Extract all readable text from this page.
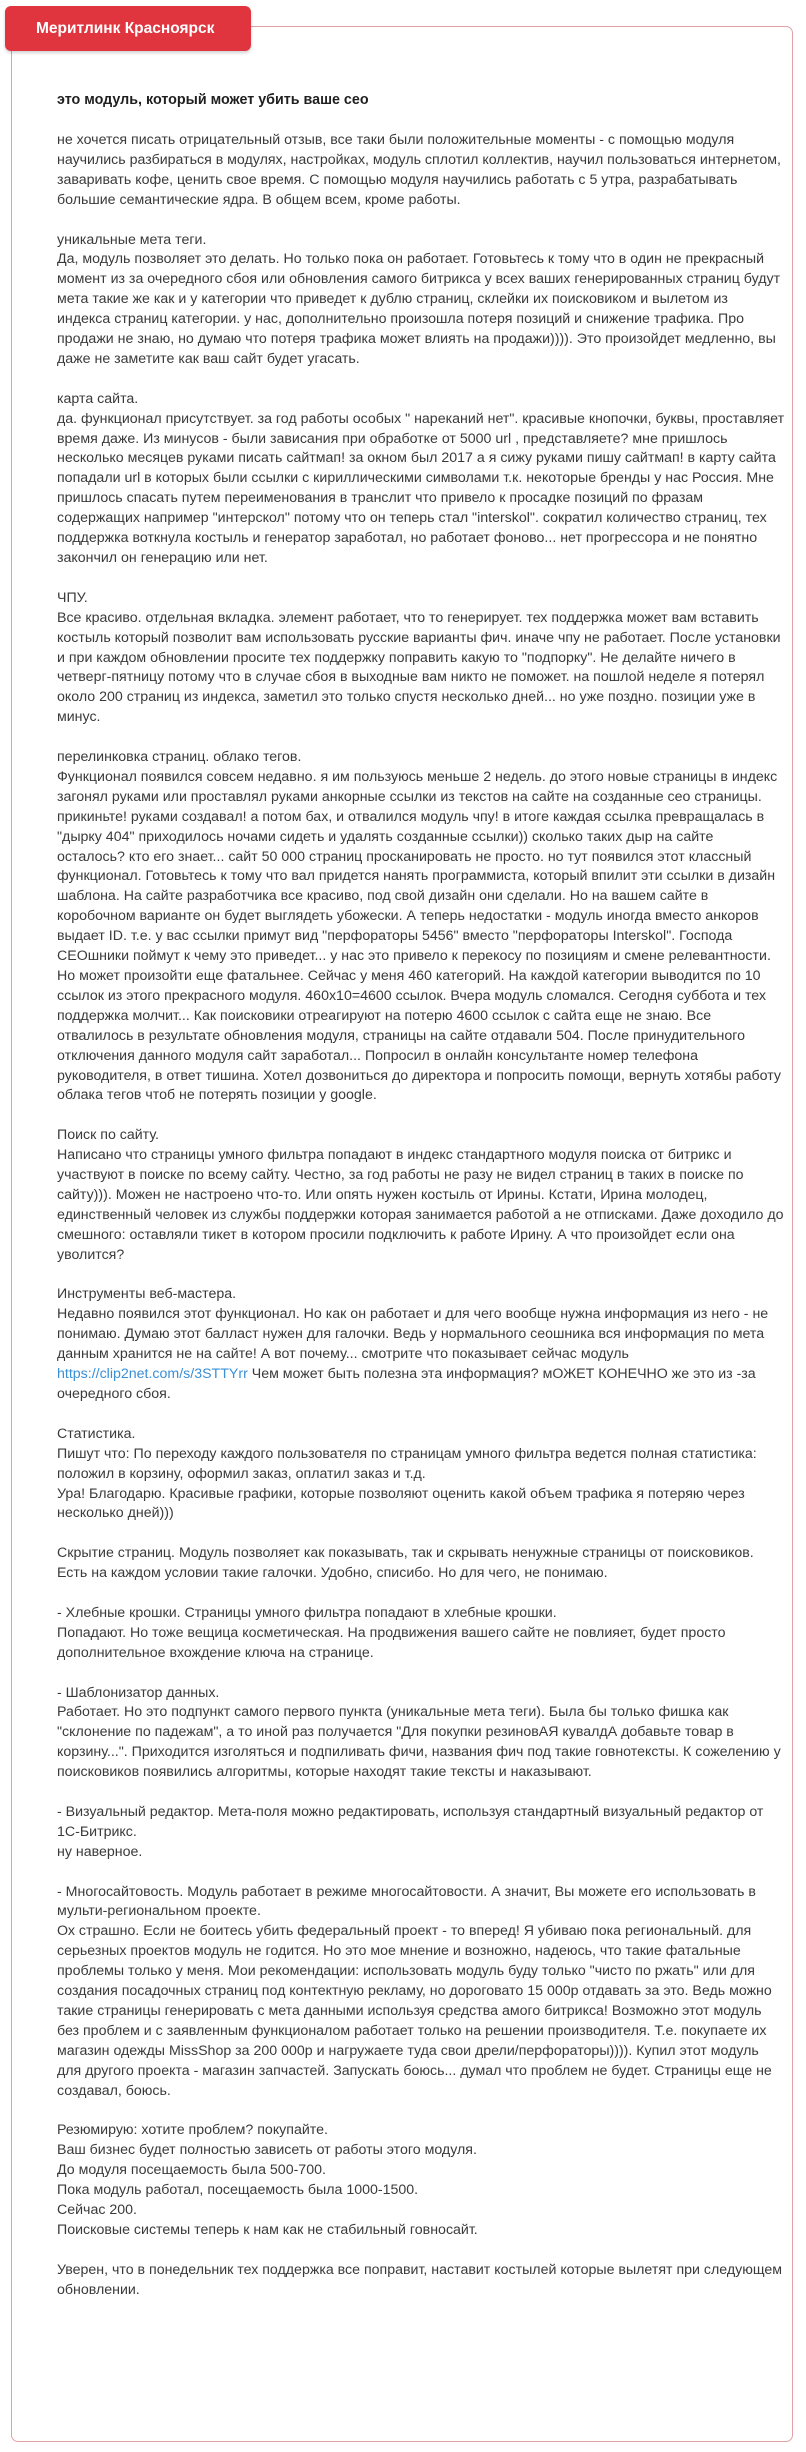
это модуль, который может убить ваше сео

не хочется писать отрицательный отзыв, все таки были положительные моменты - с помощью модуля научились разбираться в модулях, настройках, модуль сплотил коллектив, научил пользоваться интернетом, заваривать кофе, ценить свое время. С помощью модуля научились работать с 5 утра, разрабатывать большие семантические ядра. В общем всем, кроме работы.

уникальные мета теги.
Да, модуль позволяет это делать. Но только пока он работает. Готовьтесь к тому что в один не прекрасный момент из за очередного сбоя или обновления самого битрикса у всех ваших генерированных страниц будут мета такие же как и у категории что приведет к дублю страниц, склейки их поисковиком и вылетом из индекса страниц категории. у нас, дополнительно произошла потеря позиций и снижение трафика. Про продажи не знаю, но думаю что потеря трафика может влиять на продажи)))). Это произойдет медленно, вы даже не заметите как ваш сайт будет угасать.

карта сайта.
да. функционал присутствует. за год работы особых " нареканий нет". красивые кнопочки, буквы, проставляет время даже. Из минусов - были зависания при обработке от 5000 url , представляете? мне пришлось несколько месяцев руками писать сайтмап! за окном был 2017 а я сижу руками пишу сайтмап! в карту сайта попадали url в которых были ссылки с кириллическими символами т.к. некоторые бренды у нас Россия. Мне пришлось спасать путем переименования в транслит что привело к просадке позиций по фразам содержащих например "интерскол" потому что он теперь стал "interskol". сократил количество страниц, тех поддержка воткнула костыль и генератор заработал, но работает фоново... нет прогрессора и не понятно закончил он генерацию или нет.

ЧПУ.
Все красиво. отдельная вкладка. элемент работает, что то генерирует. тех поддержка может вам вставить костыль который позволит вам использовать русские варианты фич. иначе чпу не работает. После установки и при каждом обновлении просите тех поддержку поправить какую то "подпорку". Не делайте ничего в четверг-пятницу потому что в случае сбоя в выходные вам никто не поможет. на пошлой неделе я потерял около 200 страниц из индекса, заметил это только спустя несколько дней... но уже поздно. позиции уже в минус.

перелинковка страниц. облако тегов.
Функционал появился совсем недавно. я им пользуюсь меньше 2 недель. до этого новые страницы в индекс загонял руками или проставлял руками анкорные ссылки из текстов на сайте на созданные сео страницы. прикиньте! руками создавал! а потом бах, и отвалился модуль чпу! в итоге каждая ссылка превращалась в "дырку 404" приходилось ночами сидеть и удалять созданные ссылки)) сколько таких дыр на сайте осталось? кто его знает... сайт 50 000 страниц просканировать не просто. но тут появился этот классный функционал. Готовьтесь к тому что вал придется нанять программиста, который впилит эти ссылки в дизайн шаблона. На сайте разработчика все красиво, под свой дизайн они сделали. Но на вашем сайте в коробочном варианте он будет выглядеть убожески. А теперь недостатки - модуль иногда вместо анкоров выдает ID. т.е. у вас ссылки примут вид "перфораторы 5456" вместо "перфораторы Interskol". Господа СЕОшники поймут к чему это приведет... у нас это привело к перекосу по позициям и смене релевантности. Но может произойти еще фатальнее. Сейчас у меня 460 категорий. На каждой категории выводится по 10 ссылок из этого прекрасного модуля. 460х10=4600 ссылок. Вчера модуль сломался. Сегодня суббота и тех поддержка молчит... Как поисковики отреагируют на потерю 4600 ссылок с сайта еще не знаю. Все отвалилось в результате обновления модуля, страницы на сайте отдавали 504. После принудительного отключения данного модуля сайт заработал... Попросил в онлайн консультанте номер телефона руководителя, в ответ тишина. Хотел дозвониться до директора и попросить помощи, вернуть хотябы работу облака тегов чтоб не потерять позиции у google.

Поиск по сайту.
Написано что страницы умного фильтра попадают в индекс стандартного модуля поиска от битрикс и участвуют в поиске по всему сайту. Честно, за год работы не разу не видел страниц в таких в поиске по сайту))). Можен не настроено что-то. Или опять нужен костыль от Ирины. Кстати, Ирина молодец, единственный человек из службы поддержки которая занимается работой а не отписками. Даже доходило до смешного: оставляли тикет в котором просили подключить к работе Ирину. А что произойдет если она уволится?

Инструменты веб-мастера.
Недавно появился этот функционал. Но как он работает и для чего вообще нужна информация из него - не понимаю. Думаю этот балласт нужен для галочки. Ведь у нормального сеошника вся информация по мета данным хранится не на сайте! А вот почему... смотрите что показывает сейчас модуль https://clip2net.com/s/3STTYrr Чем может быть полезна эта информация? мОЖЕТ КОНЕЧНО же это из -за очередного сбоя.

Статистика.
Пишут что: По переходу каждого пользователя по страницам умного фильтра ведется полная статистика: положил в корзину, оформил заказ, оплатил заказ и т.д.
Ура! Благодарю. Красивые графики, которые позволяют оценить какой объем трафика я потеряю через несколько дней)))

Скрытие страниц. Модуль позволяет как показывать, так и скрывать ненужные страницы от поисковиков.
Есть на каждом условии такие галочки. Удобно, списибо. Но для чего, не понимаю.

- Хлебные крошки. Страницы умного фильтра попадают в хлебные крошки.
Попадают. Но тоже вещица косметическая. На продвижения вашего сайте не повлияет, будет просто дополнительное вхождение ключа на странице.

- Шаблонизатор данных.
Работает. Но это подпункт самого первого пункта (уникальные мета теги). Была бы только фишка как "склонение по падежам", а то иной раз получается "Для покупки резиновАЯ кувалдА добавьте товар в корзину...". Приходится изголяться и подпиливать фичи, названия фич под такие говнотексты. К сожелению у поисковиков появились алгоритмы, которые находят такие тексты и наказывают.

- Визуальный редактор. Мета-поля можно редактировать, используя стандартный визуальный редактор от 1С-Битрикс.
ну наверное.

- Многосайтовость. Модуль работает в режиме многосайтовости. А значит, Вы можете его использовать в мульти-региональном проекте.
Ох страшно. Если не боитесь убить федеральный проект - то вперед! Я убиваю пока региональный. для серьезных проектов модуль не годится. Но это мое мнение и возножно, надеюсь, что такие фатальные проблемы только у меня. Мои рекомендации: использовать модуль буду только "чисто по ржать" или для создания посадочных страниц под контектную рекламу, но дороговато 15 000р отдавать за это. Ведь можно такие страницы генерировать с мета данными используя средства амого битрикса! Возможно этот модуль без проблем и с заявленным функционалом работает только на решении производителя. Т.е. покупаете их магазин одежды MissShop за 200 000р и нагружаете туда свои дрели/перфораторы)))). Купил этот модуль для другого проекта - магазин запчастей. Запускать боюсь... думал что проблем не будет. Страницы еще не создавал, боюсь.

Резюмирую: хотите проблем? покупайте.
Ваш бизнес будет полностью зависеть от работы этого модуля.
До модуля посещаемость была 500-700.
Пока модуль работал, посещаемость была 1000-1500.
Сейчас 200.
Поисковые системы теперь к нам как не стабильный говносайт.

Уверен, что в понедельник тех поддержка все поправит, наставит костылей которые вылетят при следующем обновлении.

Меритлинк Красноярск
